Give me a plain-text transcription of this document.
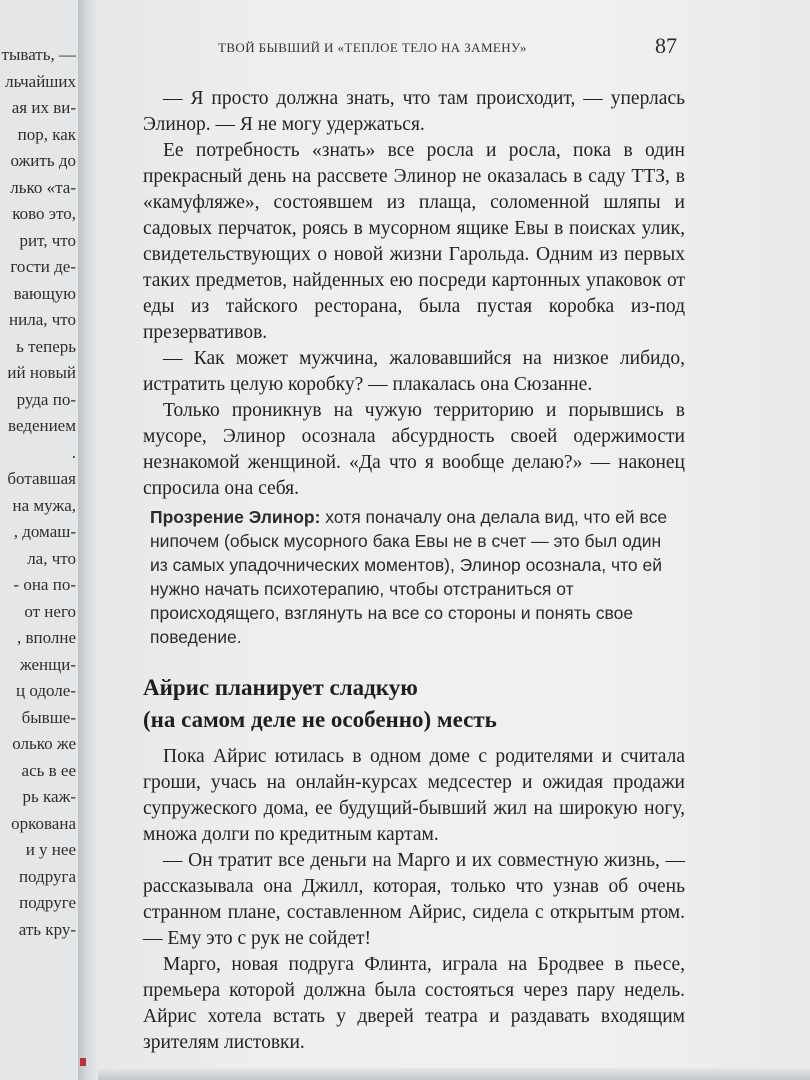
тывать, —
льчайших
ая их ви-
пор, как
ожить до
лько «та-
ково это,
рит, что
гости де-
вающую
нила, что
ь теперь
ий новый
руда по-
ведением
.
ботавшая
на мужа,
, домаш-
ла, что
- она по-
от него
, вполне
женщи-
ц одоле-
бывше-
олько же
ась в ее
рь каж-
оркована
и у нее
подруга
подруге
ать кру-
ТВОЙ БЫВШИЙ И «ТЕПЛОЕ ТЕЛО НА ЗАМЕНУ»	87

— Я просто должна знать, что там происходит, — уперлась Элинор. — Я не могу удержаться.

Ее потребность «знать» все росла и росла, пока в один прекрасный день на рассвете Элинор не оказалась в саду ТТЗ, в «камуфляже», состоявшем из плаща, соломенной шляпы и садовых перчаток, роясь в мусорном ящике Евы в поисках улик, свидетельствующих о новой жизни Гарольда. Одним из первых таких предметов, найденных ею посреди картонных упаковок от еды из тайского ресторана, была пустая коробка из-под презервативов.

— Как может мужчина, жаловавшийся на низкое либидо, истратить целую коробку? — плакалась она Сюзанне.

Только проникнув на чужую территорию и порывшись в мусоре, Элинор осознала абсурдность своей одержимости незнакомой женщиной. «Да что я вообще делаю?» — наконец спросила она себя.

Прозрение Элинор: хотя поначалу она делала вид, что ей все нипочем (обыск мусорного бака Евы не в счет — это был один из самых упадочнических моментов), Элинор осознала, что ей нужно начать психотерапию, чтобы отстраниться от происходящего, взглянуть на все со стороны и понять свое поведение.
Айрис планирует сладкую
(на самом деле не особенно) месть

Пока Айрис ютилась в одном доме с родителями и считала гроши, учась на онлайн-курсах медсестер и ожидая продажи супружеского дома, ее будущий-бывший жил на широкую ногу, множа долги по кредитным картам.

— Он тратит все деньги на Марго и их совместную жизнь, — рассказывала она Джилл, которая, только что узнав об очень странном плане, составленном Айрис, сидела с открытым ртом. — Ему это с рук не сойдет!

Марго, новая подруга Флинта, играла на Бродвее в пьесе, премьера которой должна была состояться через пару недель. Айрис хотела встать у дверей театра и раздавать входящим зрителям листовки.
